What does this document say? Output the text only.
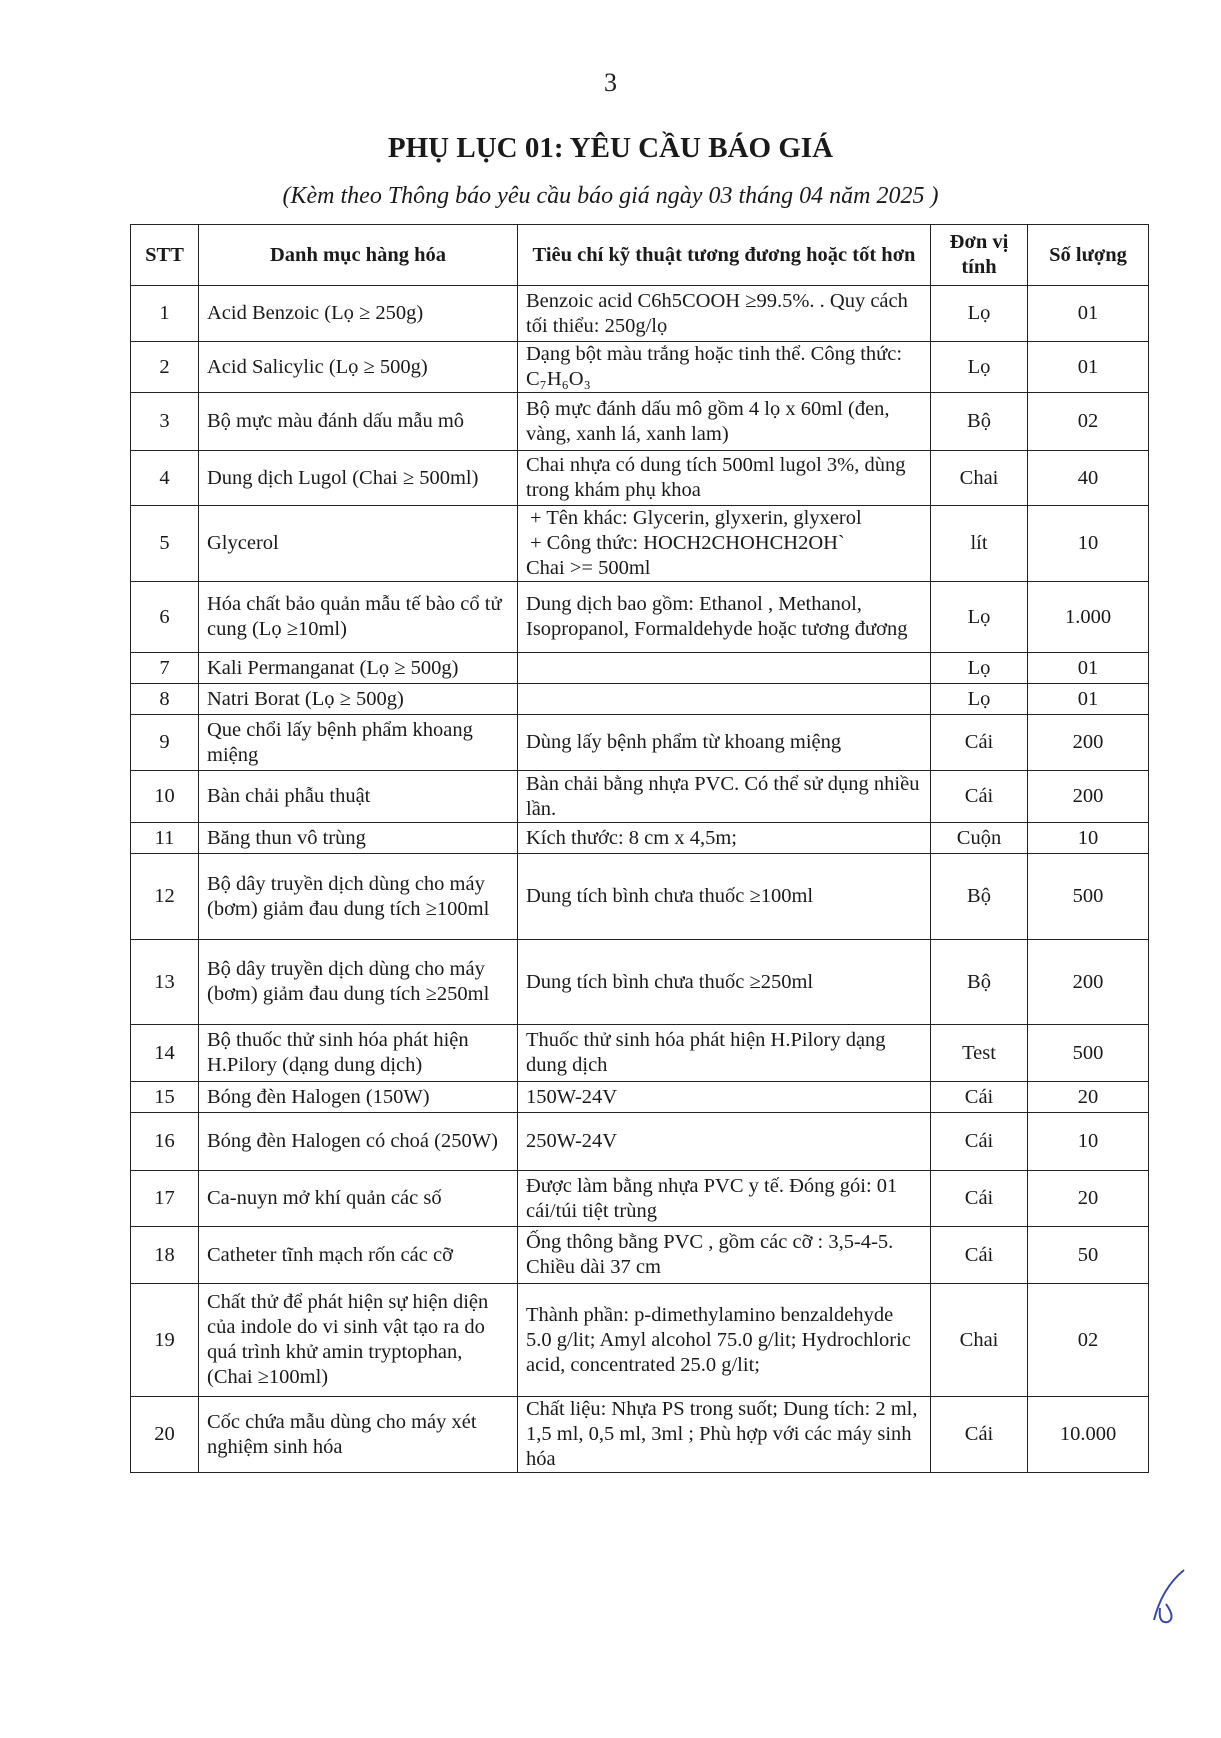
3
PHỤ LỤC 01: YÊU CẦU BÁO GIÁ
(Kèm theo Thông báo yêu cầu báo giá ngày 03 tháng 04 năm 2025 )
STT	Danh mục hàng hóa	Tiêu chí kỹ thuật tương đương hoặc tốt hơn	Đơn vị tính	Số lượng
1	Acid Benzoic (Lọ ≥ 250g)	Benzoic acid C6h5COOH ≥99.5%. . Quy cách tối thiểu: 250g/lọ	Lọ	01
2	Acid Salicylic (Lọ ≥ 500g)	Dạng bột màu trắng hoặc tinh thể. Công thức: C₇H₆O₃	Lọ	01
3	Bộ mực màu đánh dấu mẫu mô	Bộ mực đánh dấu mô gồm 4 lọ x 60ml (đen, vàng, xanh lá, xanh lam)	Bộ	02
4	Dung dịch Lugol (Chai ≥ 500ml)	Chai nhựa có dung tích 500ml lugol 3%, dùng trong khám phụ khoa	Chai	40
5	Glycerol	+ Tên khác: Glycerin, glyxerin, glyxerol
+ Công thức: HOCH2CHOHCH2OH`
Chai >= 500ml	lít	10
6	Hóa chất bảo quản mẫu tế bào cổ tử cung (Lọ ≥10ml)	Dung dịch bao gồm: Ethanol , Methanol, Isopropanol, Formaldehyde hoặc tương đương	Lọ	1.000
7	Kali Permanganat (Lọ ≥ 500g)		Lọ	01
8	Natri Borat (Lọ ≥ 500g)		Lọ	01
9	Que chổi lấy bệnh phẩm khoang miệng	Dùng lấy bệnh phẩm từ khoang miệng	Cái	200
10	Bàn chải phẫu thuật	Bàn chải bằng nhựa PVC. Có thể sử dụng nhiều lần.	Cái	200
11	Băng thun vô trùng	Kích thước: 8 cm x 4,5m;	Cuộn	10
12	Bộ dây truyền dịch dùng cho máy (bơm) giảm đau dung tích ≥100ml	Dung tích bình chưa thuốc ≥100ml	Bộ	500
13	Bộ dây truyền dịch dùng cho máy (bơm) giảm đau dung tích ≥250ml	Dung tích bình chưa thuốc ≥250ml	Bộ	200
14	Bộ thuốc thử sinh hóa phát hiện H.Pilory (dạng dung dịch)	Thuốc thử sinh hóa phát hiện H.Pilory dạng dung dịch	Test	500
15	Bóng đèn Halogen (150W)	150W-24V	Cái	20
16	Bóng đèn Halogen có choá (250W)	250W-24V	Cái	10
17	Ca-nuyn mở khí quản các số	Được làm bằng nhựa PVC y tế. Đóng gói: 01 cái/túi tiệt trùng	Cái	20
18	Catheter tĩnh mạch rốn các cỡ	Ống thông bằng PVC , gồm các cỡ : 3,5-4-5. Chiều dài 37 cm	Cái	50
19	Chất thử để phát hiện sự hiện diện của indole do vi sinh vật tạo ra do quá trình khử amin tryptophan, (Chai ≥100ml)	Thành phần: p-dimethylamino benzaldehyde 5.0 g/lit; Amyl alcohol 75.0 g/lit; Hydrochloric acid, concentrated 25.0 g/lit;	Chai	02
20	Cốc chứa mẫu dùng cho máy xét nghiệm sinh hóa	Chất liệu: Nhựa PS trong suốt; Dung tích: 2 ml, 1,5 ml, 0,5 ml, 3ml ; Phù hợp với các máy sinh hóa	Cái	10.000
